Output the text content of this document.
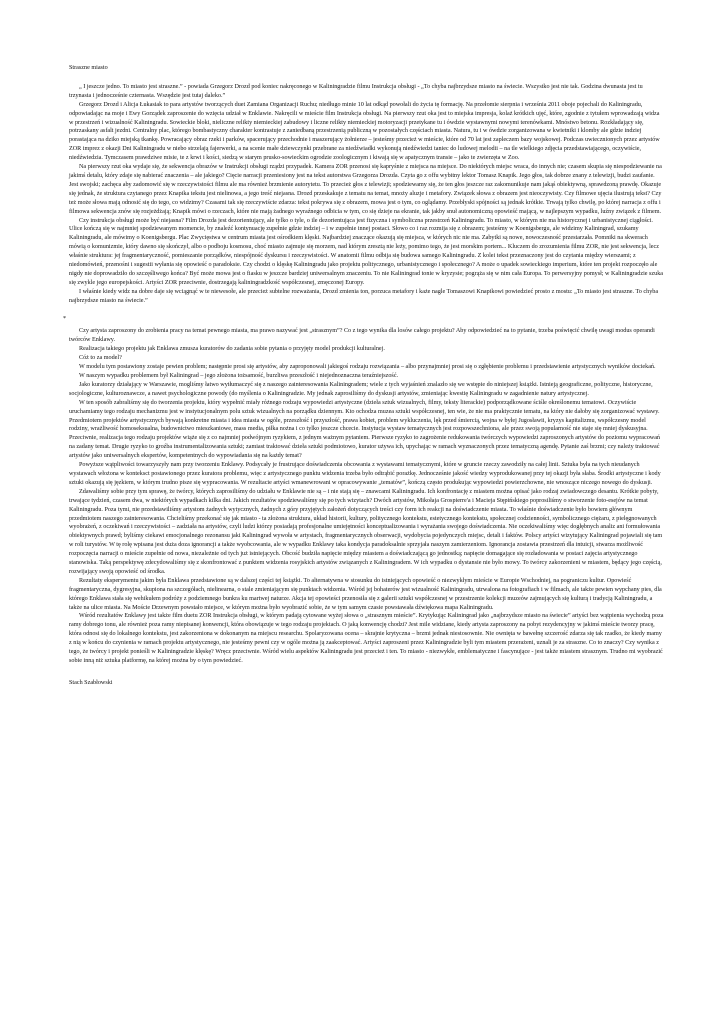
Straszne miasto

„ I jeszcze jedno. To miasto jest straszne.” - powiada Grzegorz Drozd pod koniec nakręconego w Kaliningradzie filmu Instrukcja obsługi - „To chyba najbrzydsze miasto na świecie. Wszystko jest nie tak. Godzina dwunasta jest tu trzynasta i jednocześnie czternasta. Wszędzie jest tutaj dalеko.”

Grzegorz Drozd i Alicja Łukasiak to para artystów tworzących duet Zamiana Organizacji Ruchu; niedługo minie 10 lat odkąd powołali do życia tę formację. Na przełomie sierpnia i września 2011 oboje pojechali do Kaliningradu, odpowiadając na moje i Ewy Gorządek zaproszenie do wzięcia udział w Enklawie. Nakręcili w mieście film Instrukcja obsługi. Na pierwszy rzut oka jest to miejska impresja, kolaż krótkich ujęć, które, zgodnie z tytułem wprowadzają widza w przestrzeń i wizualność Kaliningradu. Sowieckie bloki, nieliczne relikty niemieckiej zabudowy i liczne relikty niemieckiej motoryzacji przetykane tu i ówdzie wystawnymi nowymi terenówkami. Mnóstwo betonu. Rozkładający się, potrzaskany asfalt jezdni. Centralny plac, którego bombastyczny charakter kontrastuje z zaniedbaną przestrzenią publiczną w pozostałych częściach miasta. Natura, tu i w ówdzie zorganizowana w kwietniki i klomby ale gdzie indziej porastająca na dziko miejską tkankę. Powracający obraz rzeki i parków, spacerujący przechodnie i maszerujący żołnierze – jesteśmy przecież w mieście, które od 70 lat jest zapleczem bazy wojskowej. Podczas uwiecznionych przez artystów ZOR imprez z okazji Dni Kaliningradu w niebo strzelają fajerwerki, a na scenie małe dziewczynki przebrane za niedźwiadki wykonują niedźwiedzi taniec do ludowej melodii – na tle wielkiego zdjęcia przedstawiającego, oczywiście, niedźwiedzia. Tymczasem prawdziwe misie, te z krwi i kości, siedzą w starym prusko-sowieckim ogrodzie zoologicznym i kiwają się w apatycznym transie – jako te zwierzęta w Zoo.

Na pierwszy rzut oka wydaje się, że sekwencja obrazów w Instrukcji obsługi rządzi przypadek. Kamera ZOR przenosi się kapryśnie z miejsca na miejsce. Do niektórych miejsc wraca, do innych nie; czasem skupia się niespodziewanie na jakimś detalu, który zdaje się nabierać znaczenia – ale jakiego? Cięcie narracji przeniesiony jest na tekst autorstwa Grzegorza Drozda. Czyta go z offu wybitny lektor Tomasz Knapik. Jego głos, tak dobrze znany z telewizji, budzi zaufanie. Jest swojski; zachęca aby zadomowić się w rzeczywistości filmu ale ma również brzmienie autorytetu. To przecież głos z telewizji; spodziewamy się, że ten głos jeszcze raz zakomunikuje nam jakąś obiektywną, sprawdzoną prawdę. Okazuje się jednak, że struktura czytanego przez Knapika tekstu jest nielinowa, a jego treść niejasna. Drozd przeskakuje z tematu na temat, mnoży aluzje i metafory. Związek słowa z obrazem jest nieoczywisty. Czy filmowe ujęcia ilustrują tekst? Czy też może słowa mają odnosić się do tego, co widzimy? Czasami tak się rzeczywiście zdarza: tekst pokrywa się z obrazem, mowa jest o tym, co oglądamy. Przebłyski spójności są jednak krótkie. Trwają tylko chwilę, po której narracja z offu i filmowa sekwencja znów się rozjeżdżają; Knapik mówi o rzeczach, które nie mają żadnego wyraźnego odbicia w tym, co się dzieje na ekranie, tak jakby snuł autonomiczną opowieść mającą, w najlepszym wypadku, luźny związek z filmem.

Czy instrukcja obsługi może być niejasna? Film Drozda jest dezorientujący, ale tylko o tyle, o ile dezorientująca jest fizyczna i symboliczna przestrzeń Kaliningradu. To miasto, w którym nie ma historycznej i urbanistycznej ciągłości. Ulice kończą się w najmniej spodziewanym momencie, by znaleźć kontynuację zupełnie gdzie indziej – i w zupełnie innej postaci. Słowo co i raz rozmija się z obrazem; jesteśmy w Koenigsbergu, ale widzimy Kaliningrad, szukamy Kaliningradu, ale mówimy o Koenigsbergu. Plac Zwycięstwa w centrum miasta jest ośrodkiem klęski. Najbardziej znaczące okazują się miejsca, w których nic nie ma. Zabytki są nowe, nowoczesność przestarzała. Pomniki na skwerach mówią o komunizmie, który dawno się skończył, albo o podboju kosmosu, choć miasto zajmuje się morzem, nad którym zresztą nie leży, pomimo tego, że jest morskim portem... Kluczem do zrozumienia filmu ZOR, nie jest sekwencja, lecz właśnie struktura: jej fragmentaryczność, pomieszanie porządków, niespójność dyskursu i rzeczywistości. W anatomii filmu odbija się budowa samego Kaliningradu. Z kolei tekst przeznaczony jest do czytania między wierszami; z niedomówień, przenośni i sugestii wyłania się opowieść o paradoksie. Czy chodzi o klęskę Kaliningradu jako projektu politycznego, urbanistycznego i społecznego? A może o upadek sowieckiego imperium, które ten projekt rozpoczęło ale nigdy nie doprowadziło do szczęśliwego końca? Być może mowa jest o fiasku w jeszcze bardziej uniwersalnym znaczeniu. To nie Kaliningrad tonie w kryzysie; pogrąża się w nim cała Europa. To perwersyjny pomysł; w Kaliningradzie szuka się zwykle jego europejskości. Artyści ZOR przeciwnie, dostrzegają kaliningradzkość współczesnej, zmęczonej Europy.

I właśnie kiedy widz na dobre daje się wciągnąć w te niewesołe, ale przecież subtelne rozważania, Drozd zmienia ton, porzuca metafory i każe nagle Tomaszowi Knapikowi powiedzieć prosto z mostu: „To miasto jest straszne. To chyba najbrzydsze miasto na świecie.”

*

Czy artysta zaproszony do zrobienia pracy na temat pewnego miasta, ma prawo nazywać jest „strasznym”? Co z tego wynika dla losów całego projektu? Aby odpowiedzieć na to pytanie, trzeba poświęcić chwilę uwagi modus operandi twórców Enklawy.

Realizacja takiego projektu jak Enklawa zmusza kuratorów do zadania sobie pytania o przyjęty model produkcji kulturalnej.

Cóż to za model?

W modelu tym postawiony zostaje pewien problem; następnie prosi się artystów, aby zaproponowali jakiegoś rodzaju rozwiązania – albo przynajmniej prosi się o zgłębienie problemu i przedstawienie artystycznych wyników dociekań.

W naszym wypadku problemem był Kaliningrad – jego złożona tożsamość, burzliwa przeszłość i niejednoznaczna teraźniejszość.

Jako kuratorzy działający w Warszawie, mogliśmy łatwo wytłumaczyć się z naszego zainteresowania Kaliningradem; wiele z tych wyjaśnień znalazło się we wstępie do niniejszej książki. Istnieją geograficzne, polityczne, historyczne, socjologiczne, kulturoznawcze, a nawet psychologiczne powody (do myślenia o Kaliningradzie. My jednak zaprosiliśmy do dyskusji artystów, zmieniając kwestię Kaliningradu w zagadnienie natury artystycznej.

W ten sposób zabraliśmy się do tworzenia projektu, który wypełnić miały różnego rodzaju wypowiedzi artystyczne (dzieła sztuk wizualnych, filmy, teksty literackie) podporządkowane ściśle określonemu tematowi. Oczywiście uruchamiamy tego rodzaju mechanizmu jest w instytucjonalnym polu sztuk wizualnych na porządku dziennym. Kto ochodza muzea sztuki współczesnej, ten wie, że nie ma praktycznie tematu, na który nie dałoby się zorganizować wystawy. Przedmiotem projektów artystycznych bywają konkretne miasta i idea miasta w ogóle, przeszłość i przyszłość, prawa kobiet, problem wykluczenia, lęk przed śmiercią, wojna w byłej Jugosławii, kryzys kapitalizmu, współczesny model rodziny, wrażliwość homoseksualna, budownictwo mieszkaniowe, mass media, piłka nożna i co tylko jeszcze chcecie. Instytucja wystaw tematycznych jest rozpowszechniona, ale przez swoją popularność nie staje się mniej dyskusyjna. Przeciwnie, realizacja tego rodzaju projektów wiąże się z co najmniej podwójnym ryzykiem, z jednym ważnym pytaniem. Pierwsze ryzyko to zagrożenie redukowania twórczych wypowiedzi zaproszonych artystów do poziomu wypracowań na zadany temat. Drugie ryzyko to groźba instrumentalizowania sztuki; zamiast traktować dzieła sztuki podmiotowo, kurator używa ich, upychając w ramach wyznaczonych przez tematyczną agendę. Pytanie zaś brzmi; czy należy traktować artystów jako uniwersalnych ekspertów, kompetentnych do wypowiadania się na każdy temat?

Powyższe wątpliwości towarzyszyły nam przy tworzeniu Enklawy. Podsycały je frustrujące doświadczenia obcowania z wystawami tematycznymi, które w gruncie rzeczy zawodziły na całej linii. Sztuka była na tych nieudanych wystawach włożona w konteksct postawionego przez kuratora problemu, więc z artystycznego punktu widzenia trzeba było odtrąbić porażkę. Jednocześnie jakość wiedzy wyprodukowanej przy tej okazji była słaba. Środki artystyczne i kody sztuki okazują się jęzkiem, w którym trudno pisze się wypracowania. W rezultacie artyści wmanewrowani w opracowywanie „tematów”, kończą często produkując wypowiedzi powierzchowne, nie wnoszące niczego nowego do dyskusji.

Zdawaliśmy sobie przy tym sprawę, że twórcy, których zaprosiliśmy do udziału w Enklawie nie są – i nie stają się – znawcami Kaliningradu. Ich konfrontację z miastem można opisać jako rodzaj zwiadowczego desantu. Krótkie pobyty, trwające tydzień, czasem dwa, w niektórych wypadkach kilka dni. Jakich rezultatów spodziewaliśmy się po tych wizytach? Dwóch artystów, Mikołaja Grospierre'a i Macieja Stępińskiego poprosiliśmy o stworzenie foto-esejów na temat Kaliningradu. Poza tymi, nie przedstawiliśmy artystom żadnych wytycznych, żadnych z góry przyjętych założeń dotyczących treści czy form ich reakcji na doświadczenie miasta. To właśnie doświadczenie było bowiem głównym przedmiotem naszego zainteresowania. Chcieliśmy przekonać się jak miasto - ta złożona struktura, układ historii, kultury, politycznego kontekstu, estetycznego kontekstu, społecznej codzienności, symbolicznego ciężaru, z pielęgnowanych wyobrażeń, z oczekiwań i rzeczywistości – zadziała na artystów, czyli ludzi którzy posiadają profesjonalne umiejętności konceptualizowania i wyrażania swojego doświadczenia. Nie oczekiwaliśmy więc dogłębnych analiz ani formułowania obiektywnych prawd; byliśmy ciekawi emocjonalnego rezonansu jaki Kaliningrad wywoła w artystach, fragmentarycznych obserwacji, wydobycia pojedynczych miejsc, detali i faktów. Polscy artyści wizytujący Kaliningrad pojawiali się tam w roli turystów. W tę rolę wpisana jest duża doza ignorancji a także wyobcowania, ale w wypadku Enklawy taka kondycja paradoksalnie sprzyjała naszym zamierzeniom. Ignorancja zostawia przestrzeń dla intuicji, stwarza możliwość rozpoczęcia narracji o mieście zupełnie od nowa, niezależnie od tych już istniejących. Obcość budziła napięcie między miastem a doświadczającą go jednostką; napięcie domagające się rozładowania w postaci zajęcia artystycznego stanowiska. Taką perspektywę zdecydowaliśmy się z skonfrontować z punktem widzenia rosyjskich artystów związanych z Kaliningradem. W ich wypadku o dystansie nie było mowy. To twórcy zakorzenieni w miastem, będący jego częścią, rozwijający swoją opowieść od środka.

Rezultaty eksperymentu jakim była Enklawa przedstawione są w dalszej części tej książki. To alternatywna w stosunku do istniejących opowieść o niezwykłym mieście w Europie Wschodniej, na pograniczu kultur. Opowieść fragmentaryczna, dygresyjna, skupiona na szczegółach, nielinearna, o stale zmieniającym się punktach widzenia. Wśród jej bohaterów jest wizualność Kaliningradu, utrwalona na fotografiach i w filmach, ale także pewien wypchany pies, dla którego Enklawa stała się wehikułem podróży z podziemnego bunkra ku martwej naturze. Akcja tej opowieści przenosiła się z galerii sztuki współczesnej w przestrzenie kolekcji muzeów zajmujących się kulturą i tradycją Kaliningradu, a także na ulice miasta. Na Moście Drzewnym powstało miejsce, w którym można było wyobrazić sobie, że w tym samym czasie powstawała dźwiękowa mapa Kaliningradu.

Wśród rezultatów Enklawy jest także film duetu ZOR Instrukcja obsługi, w którym padają cytowane wyżej słowa o „strasznym mieście”. Krytykując Kaliningrad jako „najbrzydsze miasto na świecie” artyści bez wątpienia wychodzą poza ramy dobrego tonu, ale również poza ramy niepisanej konwencji, która obowiązuje w tego rodzaju projektach. O jaką konwencję chodzi? Jest mile widziane, kiedy artysta zaproszony na pobyt rezydencyjny w jakimś mieście tworzy pracę, która odnosi się do lokalnego kontekstu, jest zakorzeniona w dokonanym na miejscu researchu. Spolaryzowana ocena – skrajnie krytyczna – brzmi jednak niestosownie. Nie ownięta w bawełnę szczerość zdarza się tak rzadko, że kiedy mamy z nią w końcu do czynienia w ramach projektu artystycznego, nie jesteśmy pewni czy w ogóle można ją zaakceptować. Artyści zaproszeni przez Kaliningradzie byli tym miastem przerażeni, uznali je za straszne. Co to znaczy? Czy wynika z tego, że twórcy i projekt ponieśli w Kaliningradzie klęskę? Wręcz przeciwnie. Wśród wielu aspektów Kaliningradu jest przecież i ten. To miasto - niezwykłe, emblematyczne i fascynujące - jest także miastem strasznym. Trudno mi wyobrazić sobie inną niż sztuka platformę, na której można by o tym powiedzieć.

Stach Szabłowski
